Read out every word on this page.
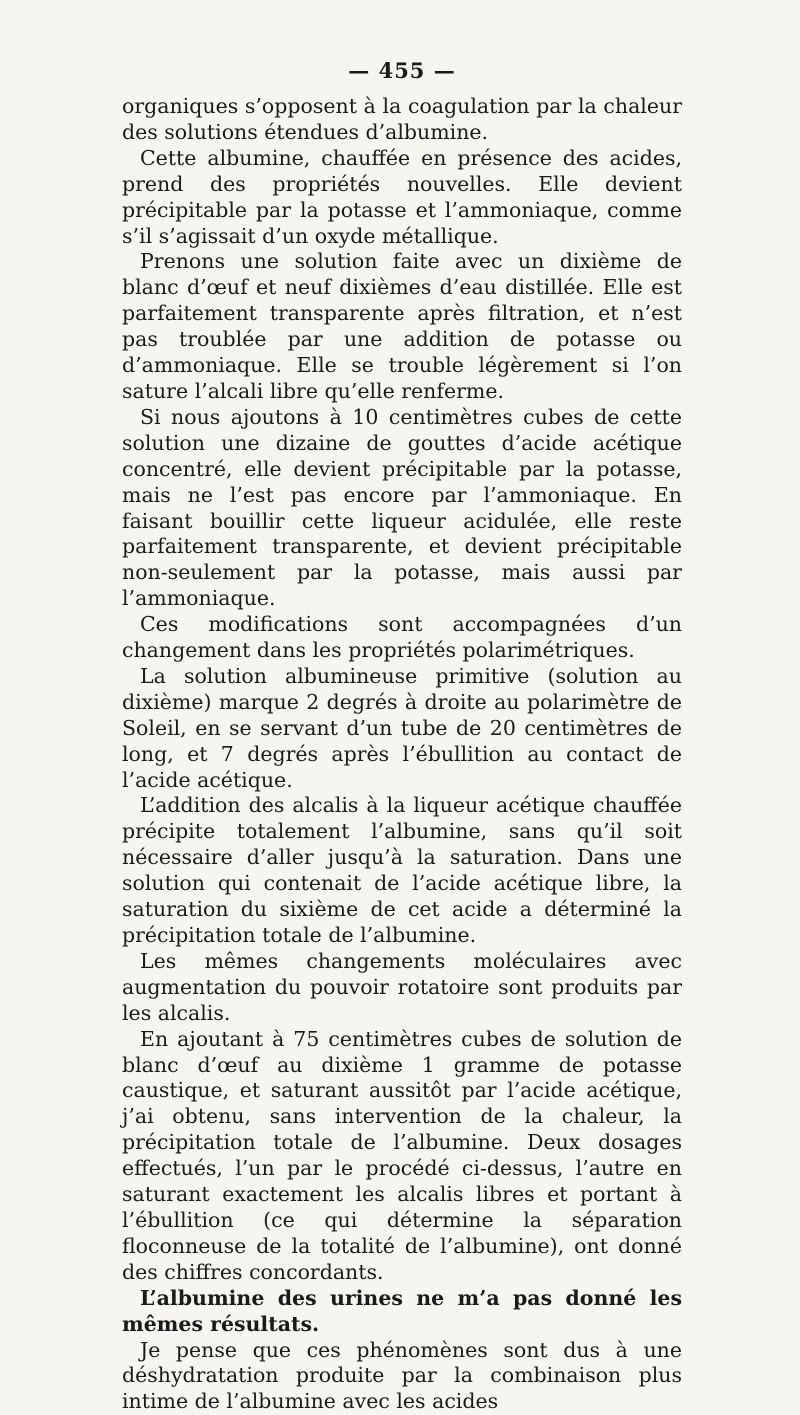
— 455 —

organiques s’opposent à la coagulation par la chaleur des solutions étendues d’albumine.

Cette albumine, chauffée en présence des acides, prend des propriétés nouvelles. Elle devient précipitable par la potasse et l’ammoniaque, comme s’il s’agissait d’un oxyde métallique.

Prenons une solution faite avec un dixième de blanc d’œuf et neuf dixièmes d’eau distillée. Elle est parfaitement transparente après filtration, et n’est pas troublée par une addition de potasse ou d’ammoniaque. Elle se trouble légèrement si l’on sature l’alcali libre qu’elle renferme.

Si nous ajoutons à 10 centimètres cubes de cette solution une dizaine de gouttes d’acide acétique concentré, elle devient précipitable par la potasse, mais ne l’est pas encore par l’ammoniaque. En faisant bouillir cette liqueur acidulée, elle reste parfaitement transparente, et devient précipitable non-seulement par la potasse, mais aussi par l’ammoniaque.

Ces modifications sont accompagnées d’un changement dans les propriétés polarimétriques.

La solution albumineuse primitive (solution au dixième) marque 2 degrés à droite au polarimètre de Soleil, en se servant d’un tube de 20 centimètres de long, et 7 degrés après l’ébullition au contact de l’acide acétique.

L’addition des alcalis à la liqueur acétique chauffée précipite totalement l’albumine, sans qu’il soit nécessaire d’aller jusqu’à la saturation. Dans une solution qui contenait de l’acide acétique libre, la saturation du sixième de cet acide a déterminé la précipitation totale de l’albumine.

Les mêmes changements moléculaires avec augmentation du pouvoir rotatoire sont produits par les alcalis.

En ajoutant à 75 centimètres cubes de solution de blanc d’œuf au dixième 1 gramme de potasse caustique, et saturant aussitôt par l’acide acétique, j’ai obtenu, sans intervention de la chaleur, la précipitation totale de l’albumine. Deux dosages effectués, l’un par le procédé ci-dessus, l’autre en saturant exactement les alcalis libres et portant à l’ébullition (ce qui détermine la séparation floconneuse de la totalité de l’albumine), ont donné des chiffres concordants.

L’albumine des urines ne m’a pas donné les mêmes résultats.

Je pense que ces phénomènes sont dus à une déshydratation produite par la combinaison plus intime de l’albumine avec les acides
